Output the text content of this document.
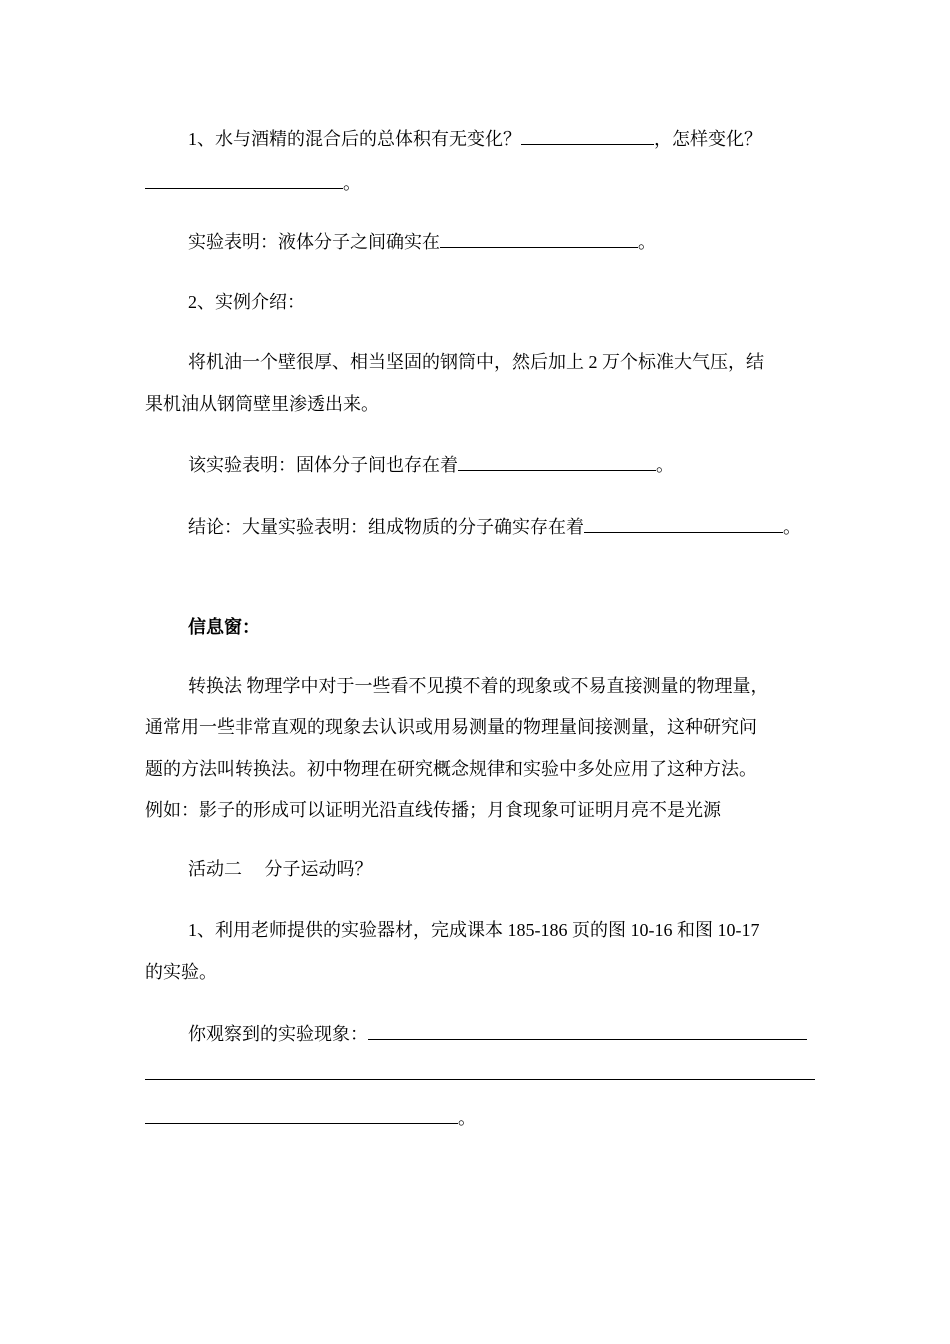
1、水与酒精的混合后的总体积有无变化？	，怎样变化？
。
实验表明：液体分子之间确实在	。
2、实例介绍：
将机油一个壁很厚、相当坚固的钢筒中，然后加上 2 万个标准大气压，结
果机油从钢筒壁里渗透出来。
该实验表明：固体分子间也存在着	。
结论：大量实验表明：组成物质的分子确实存在着	。
信息窗：
转换法 物理学中对于一些看不见摸不着的现象或不易直接测量的物理量，
通常用一些非常直观的现象去认识或用易测量的物理量间接测量，这种研究问
题的方法叫转换法。初中物理在研究概念规律和实验中多处应用了这种方法。
例如：影子的形成可以证明光沿直线传播；月食现象可证明月亮不是光源
活动二　 分子运动吗？
1、利用老师提供的实验器材，完成课本 185-186 页的图 10-16 和图 10-17
的实验。
你观察到的实验现象：
。
